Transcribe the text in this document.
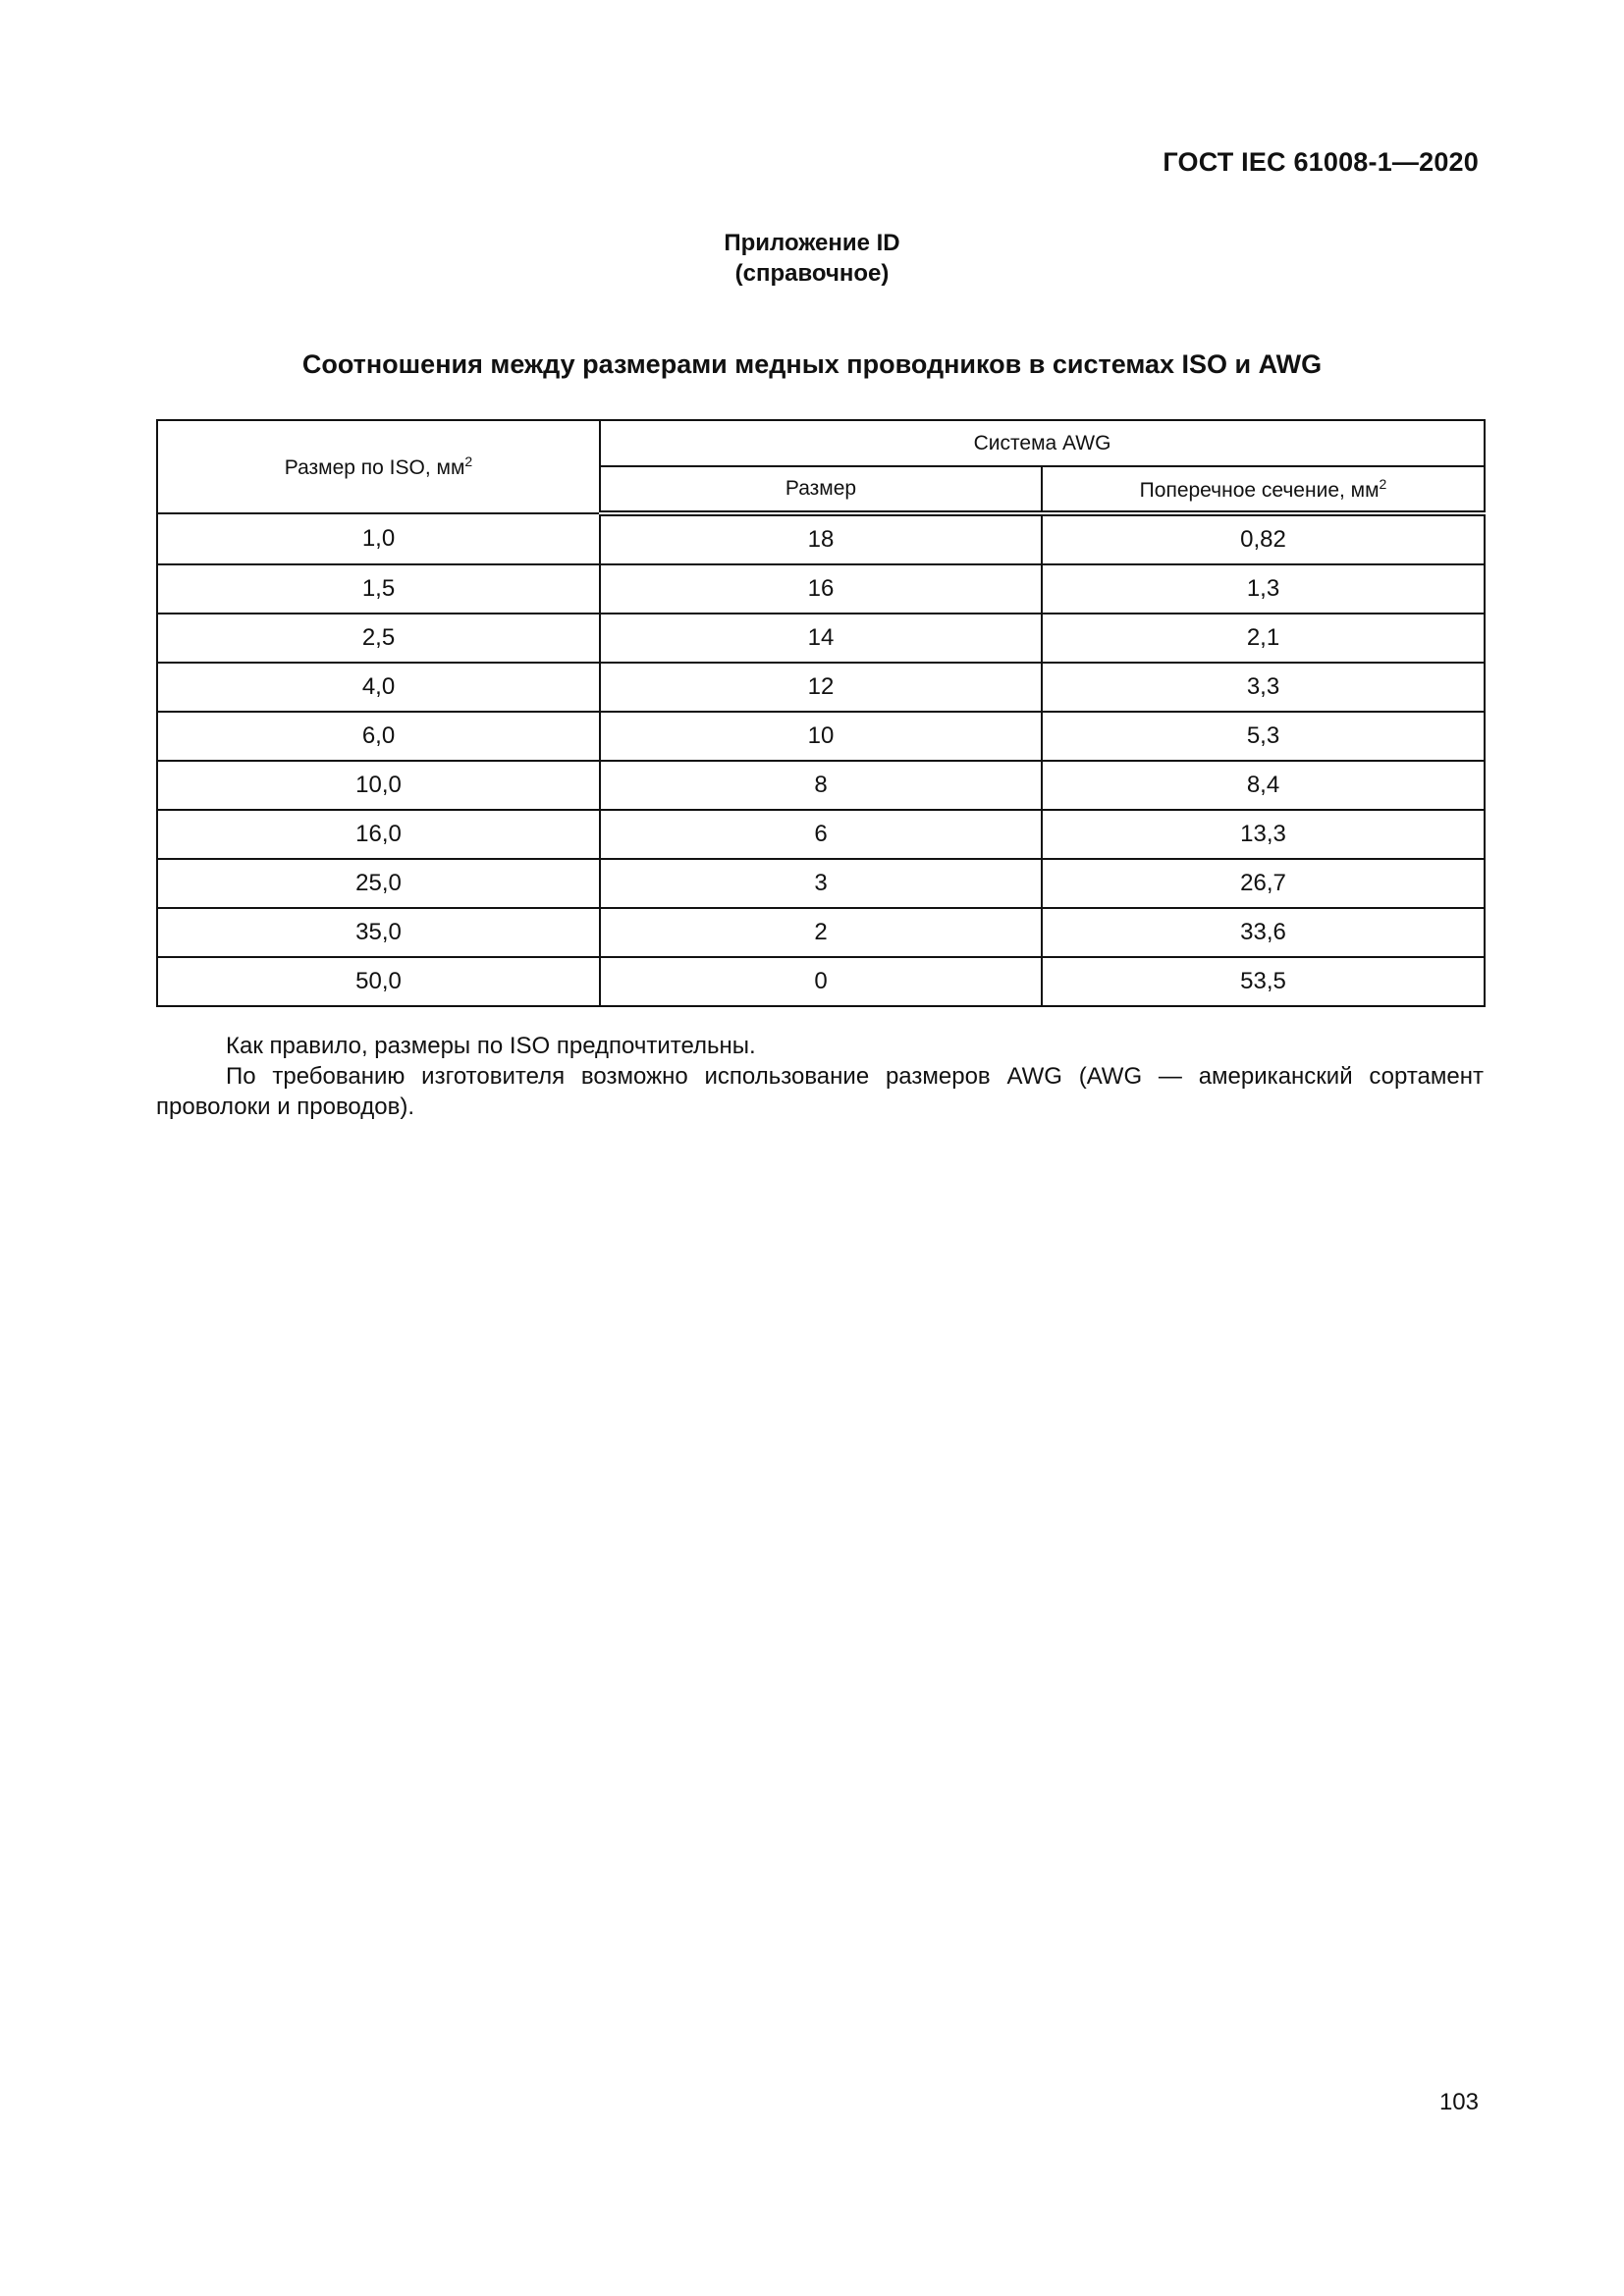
ГОСТ IEC 61008-1—2020
Приложение ID
(справочное)
Соотношения между размерами медных проводников в системах ISO и AWG
Размер по ISO, $мм^2$	Система AWG	
	Размер	Поперечное сечение, $мм^2$
1,0	18	0,82
1,5	16	1,3
2,5	14	2,1
4,0	12	3,3
6,0	10	5,3
10,0	8	8,4
16,0	6	13,3
25,0	3	26,7
35,0	2	33,6
50,0	0	53,5

Как правило, размеры по ISO предпочтительны.

По требованию изготовителя возможно использование размеров AWG (AWG — американский сортамент проволоки и проводов).

103
